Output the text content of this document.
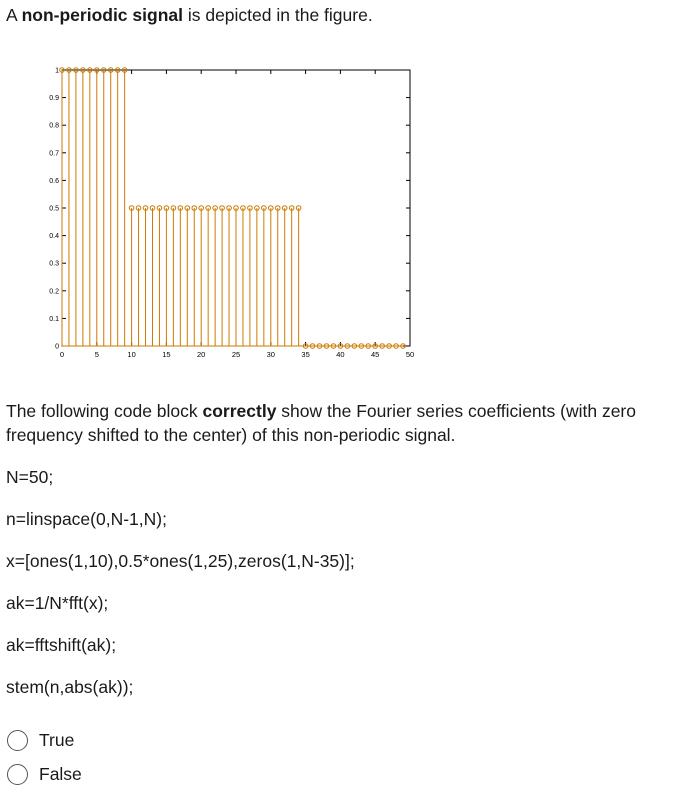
A non-periodic signal is depicted in the figure.
0	5	10	15	20	25	30	35	40	45	50
0
0.1
0.2
0.3
0.4
0.5
0.6
0.7
0.8
0.9
1
The following code block correctly show the Fourier series coefficients (with zero
frequency shifted to the center) of this non-periodic signal.
N=50;
n=linspace(0,N-1,N);
x=[ones(1,10),0.5*ones(1,25),zeros(1,N-35)];
ak=1/N*fft(x);
ak=fftshift(ak);
stem(n,abs(ak));
True
False
